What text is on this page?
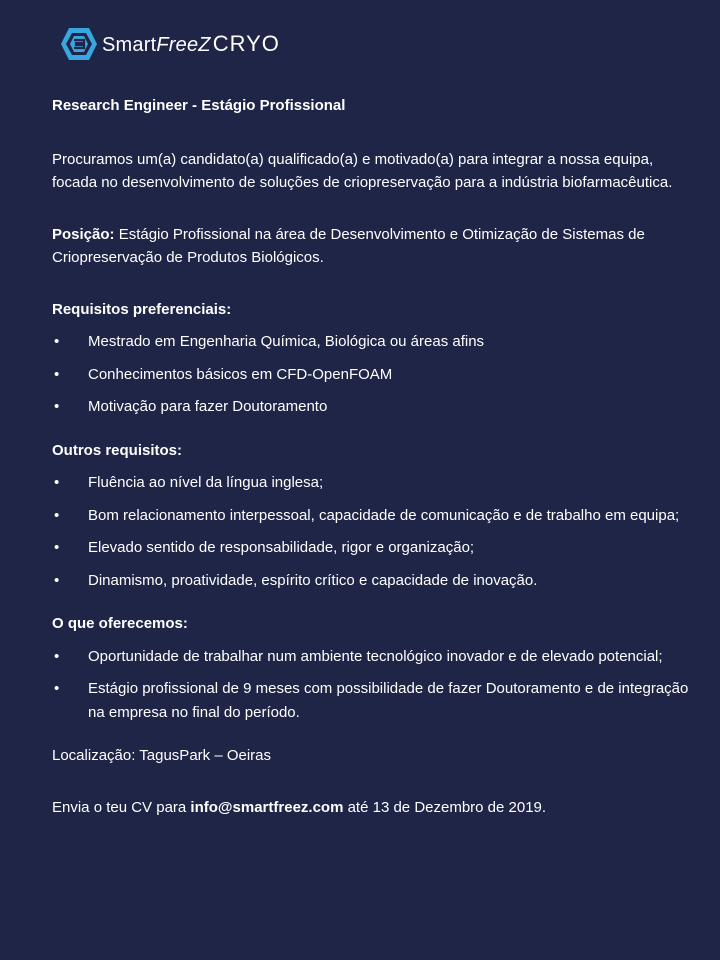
SmartFreeZCRYO

Research Engineer - Estágio Profissional

Procuramos um(a) candidato(a) qualificado(a) e motivado(a) para integrar a nossa equipa, focada no desenvolvimento de soluções de criopreservação para a indústria biofarmacêutica.

Posição: Estágio Profissional na área de Desenvolvimento e Otimização de Sistemas de Criopreservação de Produtos Biológicos.

Requisitos preferenciais:

• Mestrado em Engenharia Química, Biológica ou áreas afins
• Conhecimentos básicos em CFD-OpenFOAM
• Motivação para fazer Doutoramento

Outros requisitos:

• Fluência ao nível da língua inglesa;
• Bom relacionamento interpessoal, capacidade de comunicação e de trabalho em equipa;
• Elevado sentido de responsabilidade, rigor e organização;
• Dinamismo, proatividade, espírito crítico e capacidade de inovação.

O que oferecemos:

• Oportunidade de trabalhar num ambiente tecnológico inovador e de elevado potencial;
• Estágio profissional de 9 meses com possibilidade de fazer Doutoramento e de integração na empresa no final do período.

Localização: TagusPark – Oeiras

Envia o teu CV para info@smartfreez.com até 13 de Dezembro de 2019.
